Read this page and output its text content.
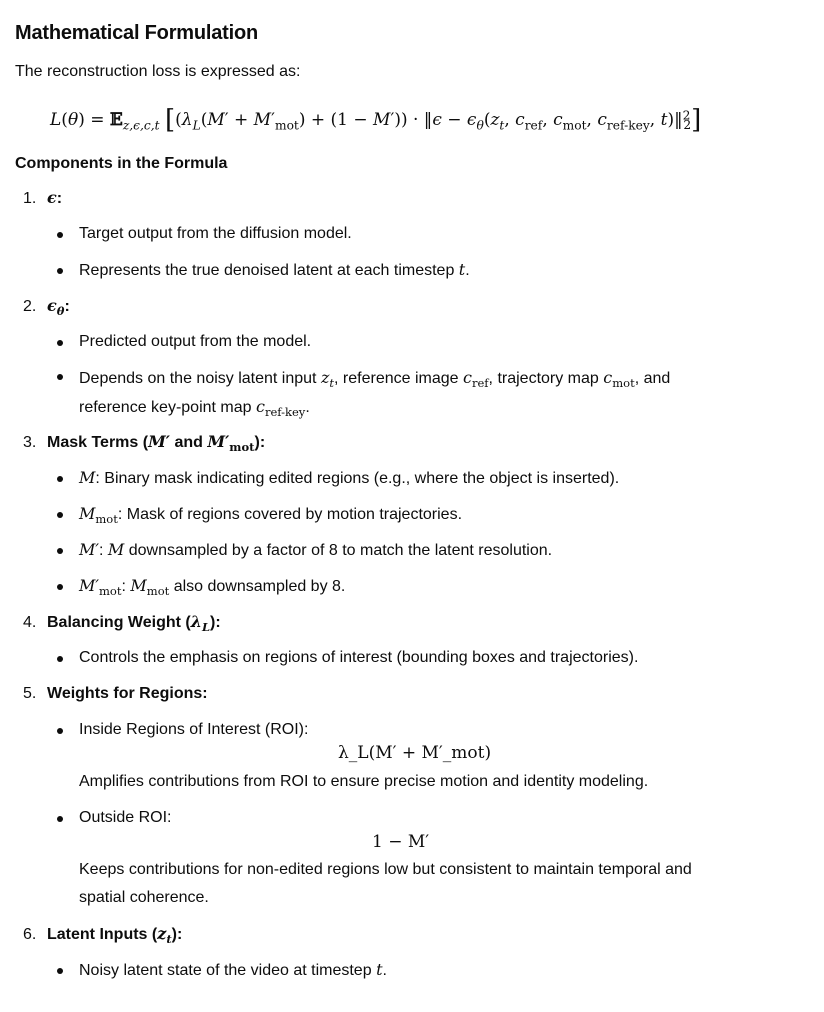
Mathematical Formulation

The reconstruction loss is expressed as:

L(θ) = 𝔼$_{z,\epsilon,c,t}$ [$(\lambda_L(M' + M'_{mot}) + (1 - M'))$ · ‖ϵ − $\epsilon_\theta(z_t$, $c_{ref}$, $c_{mot}$, $c_{ref-key}$, t)‖$^2_2$]
Components in the Formula
1. ϵ:
Target output from the diffusion model.
Represents the true denoised latent at each timestep t.
2. $\epsilon_\theta$:
Predicted output from the model.
Depends on the noisy latent input $z_t$, reference image $c_{ref}$, trajectory map $c_{mot}$, and
reference key-point map $c_{ref-key}$.
3. Mask Terms (M′ and $M'_{mot}$):
M: Binary mask indicating edited regions (e.g., where the object is inserted).
$M_{mot}$: Mask of regions covered by motion trajectories.
M′: M downsampled by a factor of 8 to match the latent resolution.
$M'_{mot}$: $M_{mot}$ also downsampled by 8.
4. Balancing Weight $(\lambda_L)$:
Controls the emphasis on regions of interest (bounding boxes and trajectories).
5. Weights for Regions:
Inside Regions of Interest (ROI):
λ_L(M′ + M′_mot)
Amplifies contributions from ROI to ensure precise motion and identity modeling.
Outside ROI:
1 − M′
Keeps contributions for non-edited regions low but consistent to maintain temporal and spatial coherence.
6. Latent Inputs $(z_t)$:
Noisy latent state of the video at timestep t.
